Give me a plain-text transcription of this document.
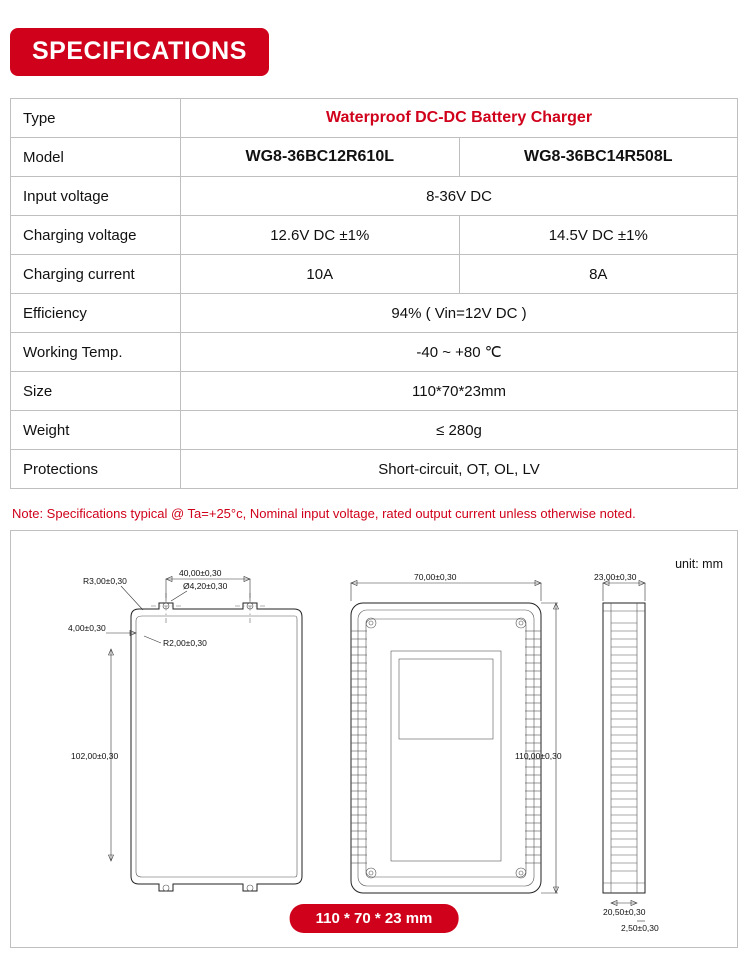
SPECIFICATIONS
Type	Waterproof DC-DC Battery Charger	
Model	WG8-36BC12R610L	WG8-36BC14R508L
Input voltage	8-36V DC	
Charging voltage	12.6V DC ±1%	14.5V DC ±1%
Charging current	10A	8A
Efficiency	94% ( Vin=12V DC )	
Working Temp.	-40 ~ +80 ℃	
Size	110*70*23mm	
Weight	≤ 280g	
Protections	Short-circuit, OT, OL, LV	
Note: Specifications typical @ Ta=+25°c, Nominal input voltage, rated output current unless otherwise noted.
unit: mm
40,00±0,30
R3,00±0,30	Ø4,20±0,30
4,00±0,30
R2,00±0,30
102,00±0,30
70,00±0,30
110,00±0,30
23,00±0,30
20,50±0,30
2,50±0,30
110 * 70 * 23 mm
